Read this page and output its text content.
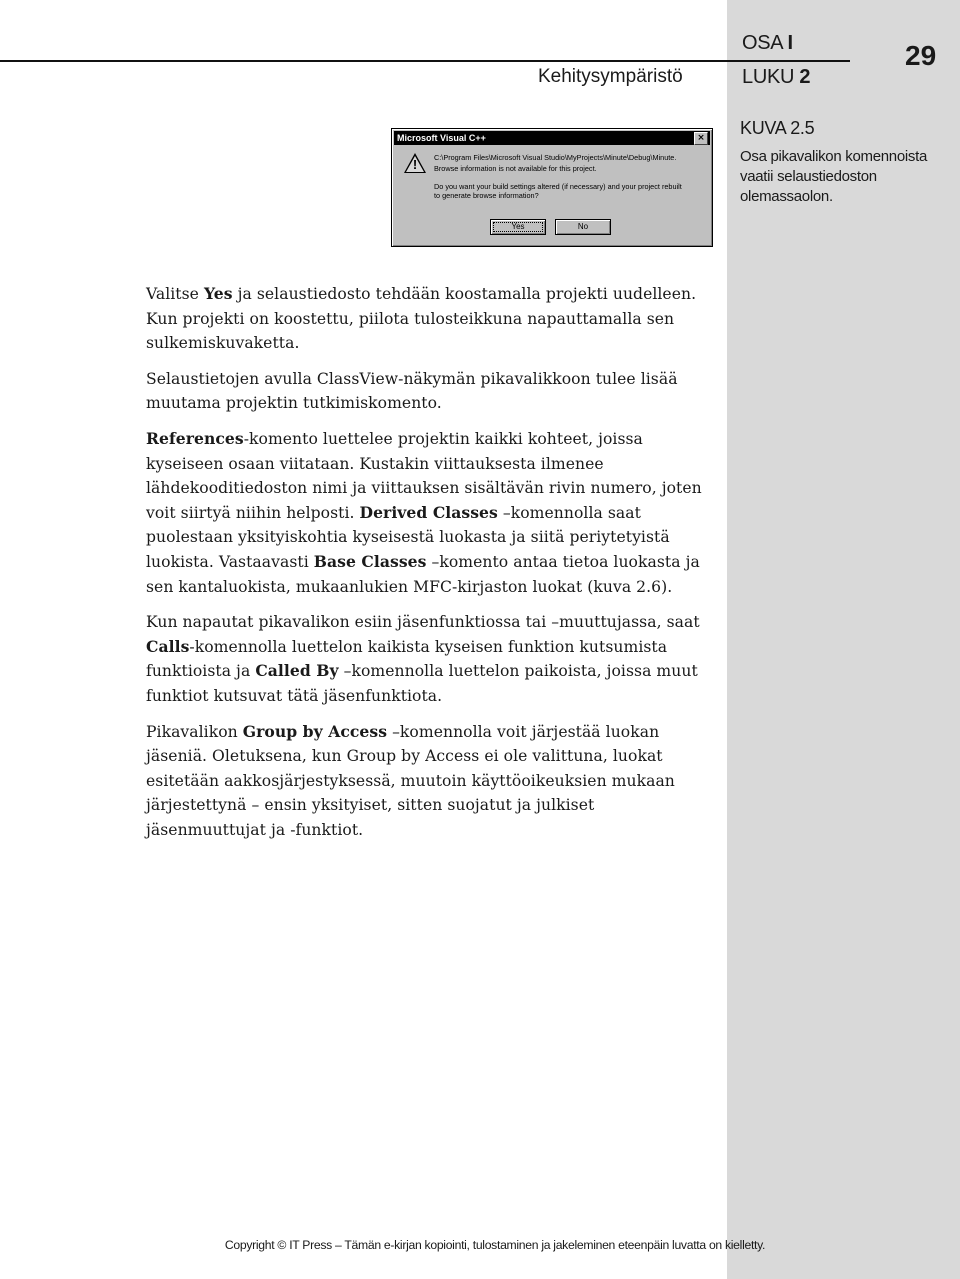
Kehitysympäristö
OSA I
LUKU 2
29
KUVA 2.5
Osa pikavalikon komennoista vaatii selaustiedoston olemassaolon.
Microsoft Visual C++	×
! C:\Program Files\Microsoft Visual Studio\MyProjects\Minute\Debug\Minute.
Browse information is not available for this project.
Do you want your build settings altered (if necessary) and your project rebuilt
to generate browse information?
Yes	No

Valitse Yes ja selaustiedosto tehdään koostamalla projekti uudelleen. Kun projekti on koostettu, piilota tulosteikkuna napauttamalla sen sulkemiskuvaketta.

Selaustietojen avulla ClassView-näkymän pikavalikkoon tulee lisää muutama projektin tutkimiskomento.

References-komento luettelee projektin kaikki kohteet, joissa kyseiseen osaan viitataan. Kustakin viittauksesta ilmenee lähdekooditiedoston nimi ja viittauksen sisältävän rivin numero, joten voit siirtyä niihin helposti. Derived Classes –komennolla saat puolestaan yksityiskohtia kyseisestä luokasta ja siitä periytetyistä luokista. Vastaavasti Base Classes –komento antaa tietoa luokasta ja sen kantaluokista, mukaanlukien MFC-kirjaston luokat (kuva 2.6).

Kun napautat pikavalikon esiin jäsenfunktiossa tai –muuttujassa, saat Calls-komennolla luettelon kaikista kyseisen funktion kutsumista funktioista ja Called By –komennolla luettelon paikoista, joissa muut funktiot kutsuvat tätä jäsenfunktiota.

Pikavalikon Group by Access –komennolla voit järjestää luokan jäseniä. Oletuksena, kun Group by Access ei ole valittuna, luokat esitetään aakkosjärjestyksessä, muutoin käyttöoikeuksien mukaan järjestettynä – ensin yksityiset, sitten suojatut ja julkiset jäsenmuuttujat ja -funktiot.

Copyright © IT Press – Tämän e-kirjan kopiointi, tulostaminen ja jakeleminen eteenpäin luvatta on kielletty.
